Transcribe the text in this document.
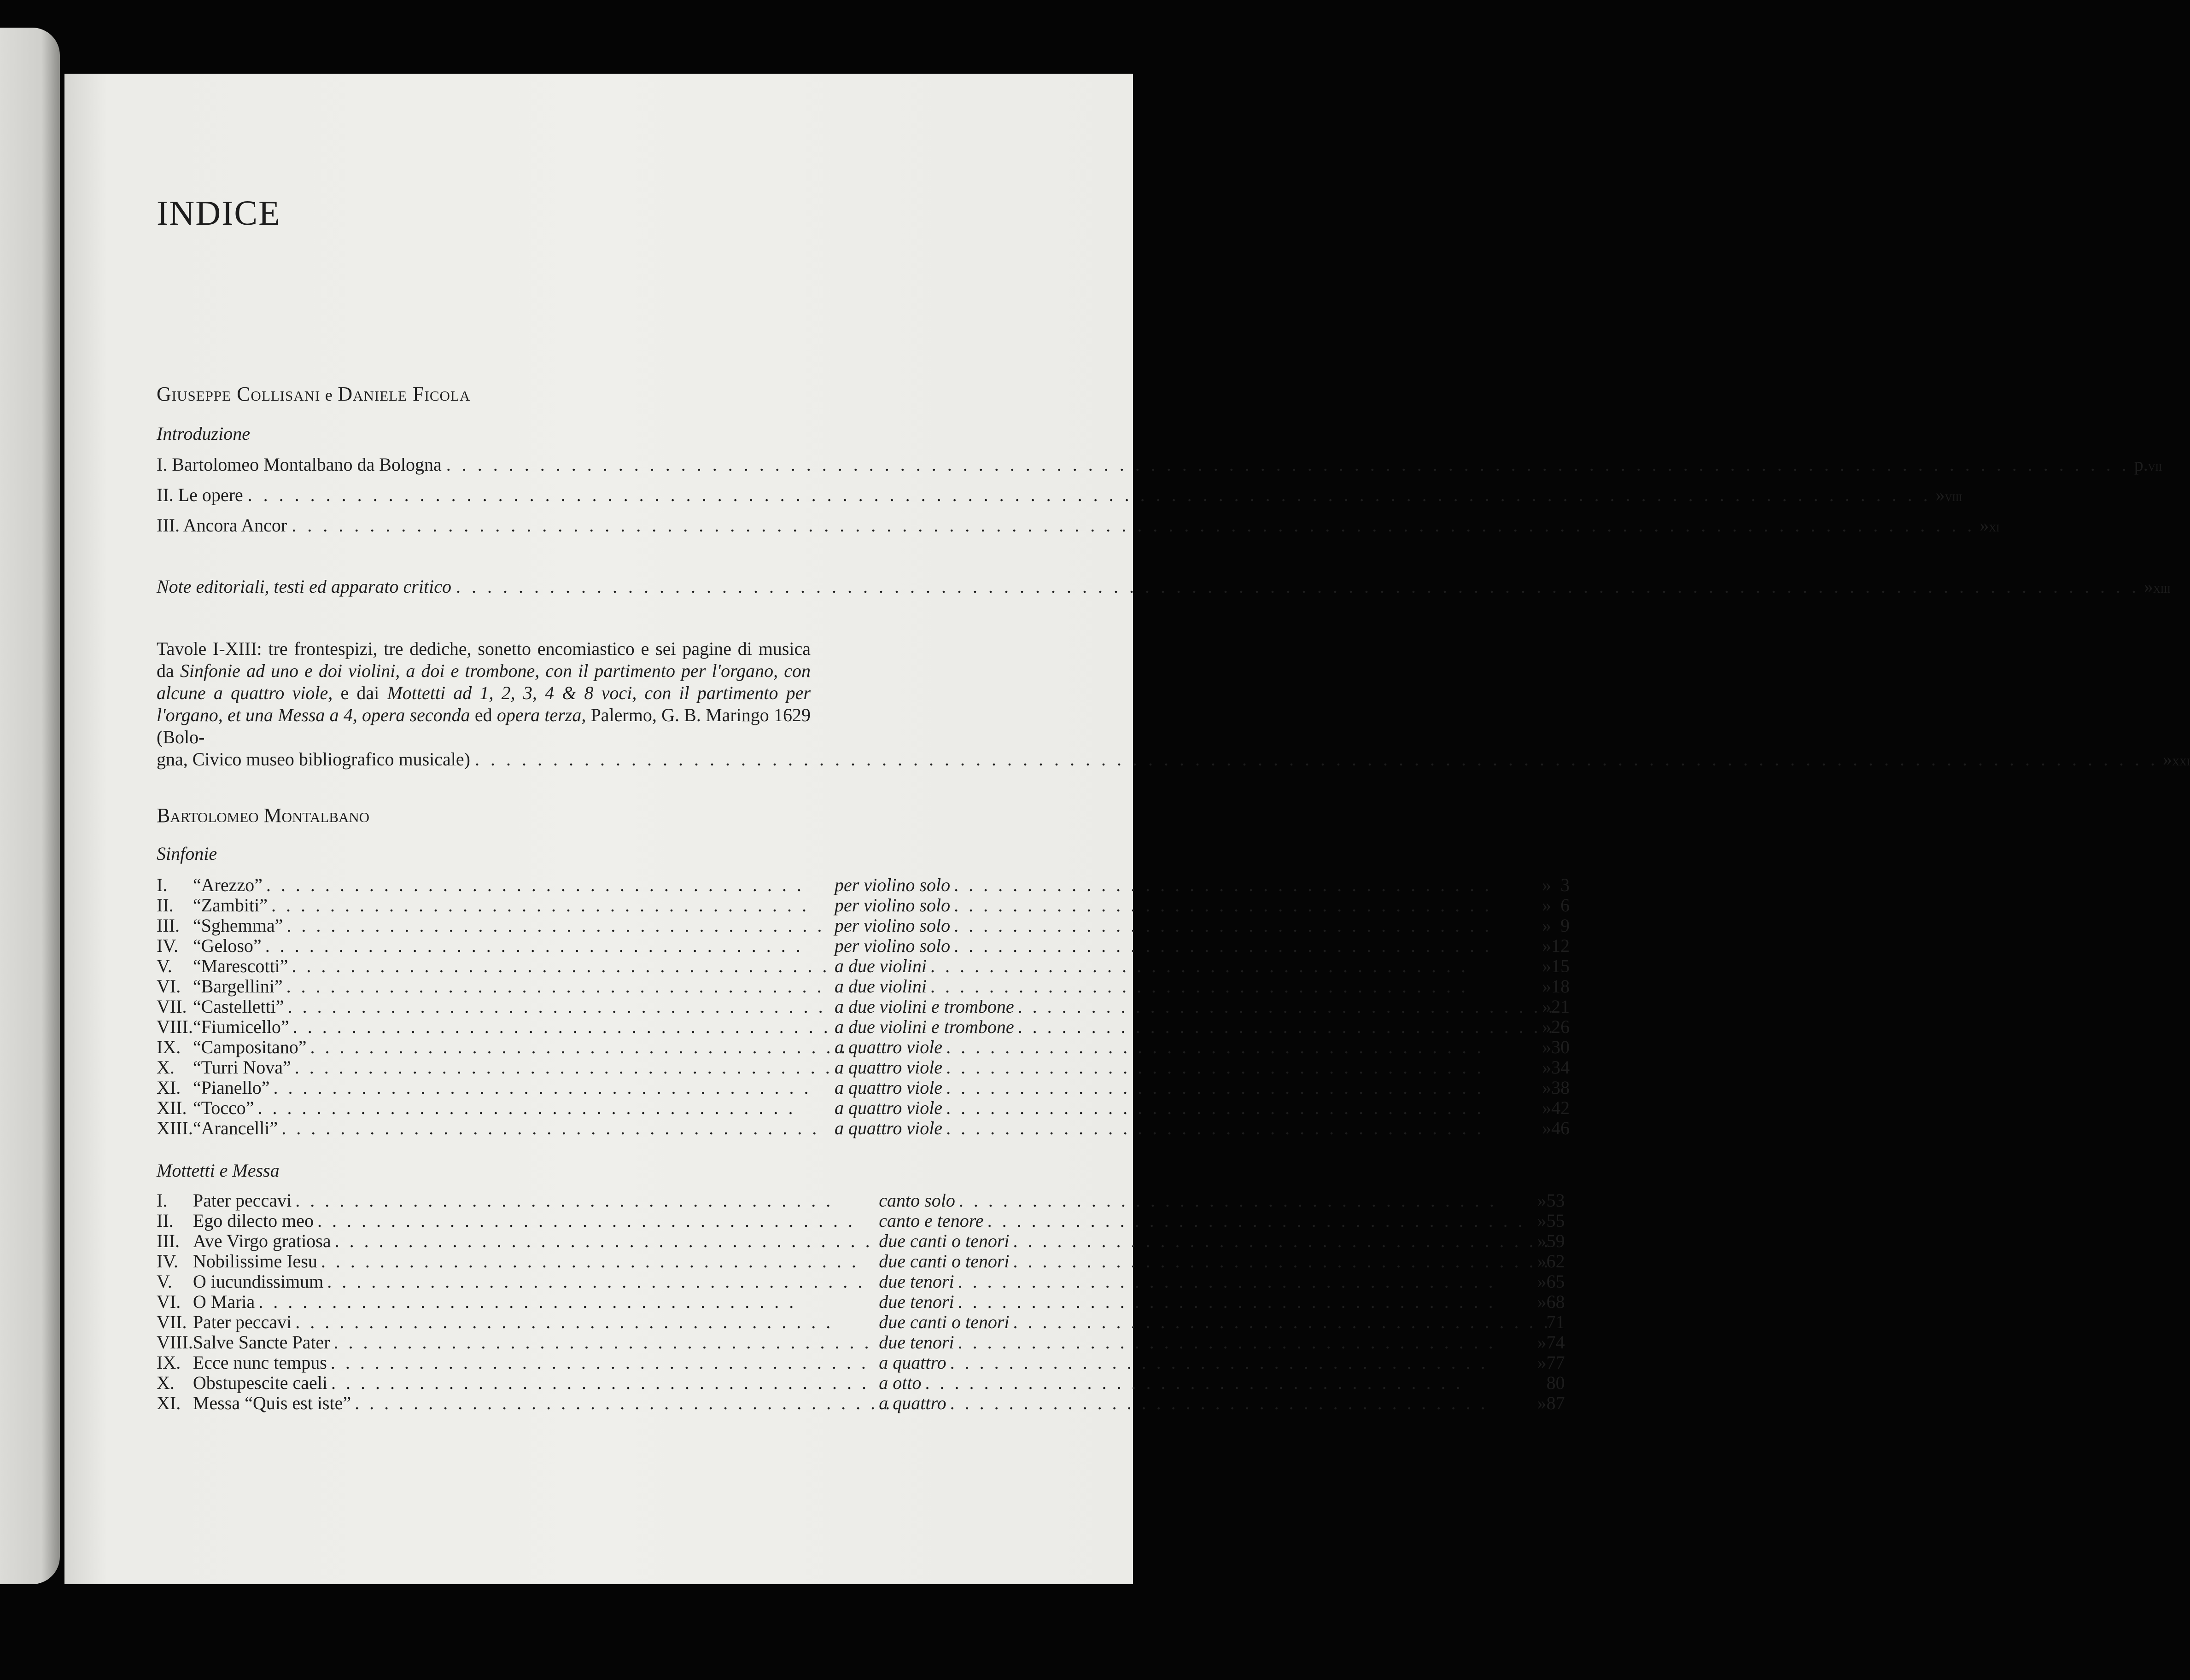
INDICE
Giuseppe Collisani e Daniele Ficola
Introduzione
I. Bartolomeo Montalbano da Bologna . . .	p. vii
II. Le opere . . .	» viii
III. Ancora Ancor . . .	» xi
Note editoriali, testi ed apparato critico . . .	» xiii
Tavole I-XIII: tre frontespizi, tre dediche, sonetto encomiastico e sei pagine di musica da Sinfonie ad uno e doi violini, a doi e trombone, con il partimento per l'organo, con alcune a quattro viole, e dai Mottetti ad 1, 2, 3, 4 & 8 voci, con il partimento per l'organo, et una Messa a 4, opera seconda ed opera terza, Palermo, G. B. Maringo 1629 (Bolo-
gna, Civico museo bibliografico musicale) . . .	» xxi
Bartolomeo Montalbano
Sinfonie
I.	“Arezzo”. . .	per violino solo. . .	»	3
II.	“Zambiti”. . .	per violino solo. . .	»	6
III.	“Sghemma”. . .	per violino solo. . .	»	9
IV.	“Geloso”. . .	per violino solo. . .	»	12
V.	“Marescotti”. . .	a due violini. . .	»	15
VI.	“Bargellini”. . .	a due violini. . .	»	18
VII.	“Castelletti”. . .	a due violini e trombone. . .	»	21
VIII.	“Fiumicello”. . .	a due violini e trombone. . .	»	26
IX.	“Campositano”. . .	a quattro viole. . .	»	30
X.	“Turri Nova”. . .	a quattro viole. . .	»	34
XI.	“Pianello”. . .	a quattro viole. . .	»	38
XII.	“Tocco”. . .	a quattro viole. . .	»	42
XIII.	“Arancelli”. . .	a quattro viole. . .	»	46
Mottetti e Messa
I.	Pater peccavi. . .	canto solo. . .	»	53
II.	Ego dilecto meo. . .	canto e tenore. . .	»	55
III.	Ave Virgo gratiosa. . .	due canti o tenori. . .	»	59
IV.	Nobilissime Iesu. . .	due canti o tenori. . .	»	62
V.	O iucundissimum. . .	due tenori. . .	»	65
VI.	O Maria. . .	due tenori. . .	»	68
VII.	Pater peccavi. . .	due canti o tenori. . .		71
VIII.	Salve Sancte Pater. . .	due tenori. . .	»	74
IX.	Ecce nunc tempus. . .	a quattro. . .	»	77
X.	Obstupescite caeli. . .	a otto. . .		80
XI.	Messa “Quis est iste”. . .	a quattro. . .	»	87
